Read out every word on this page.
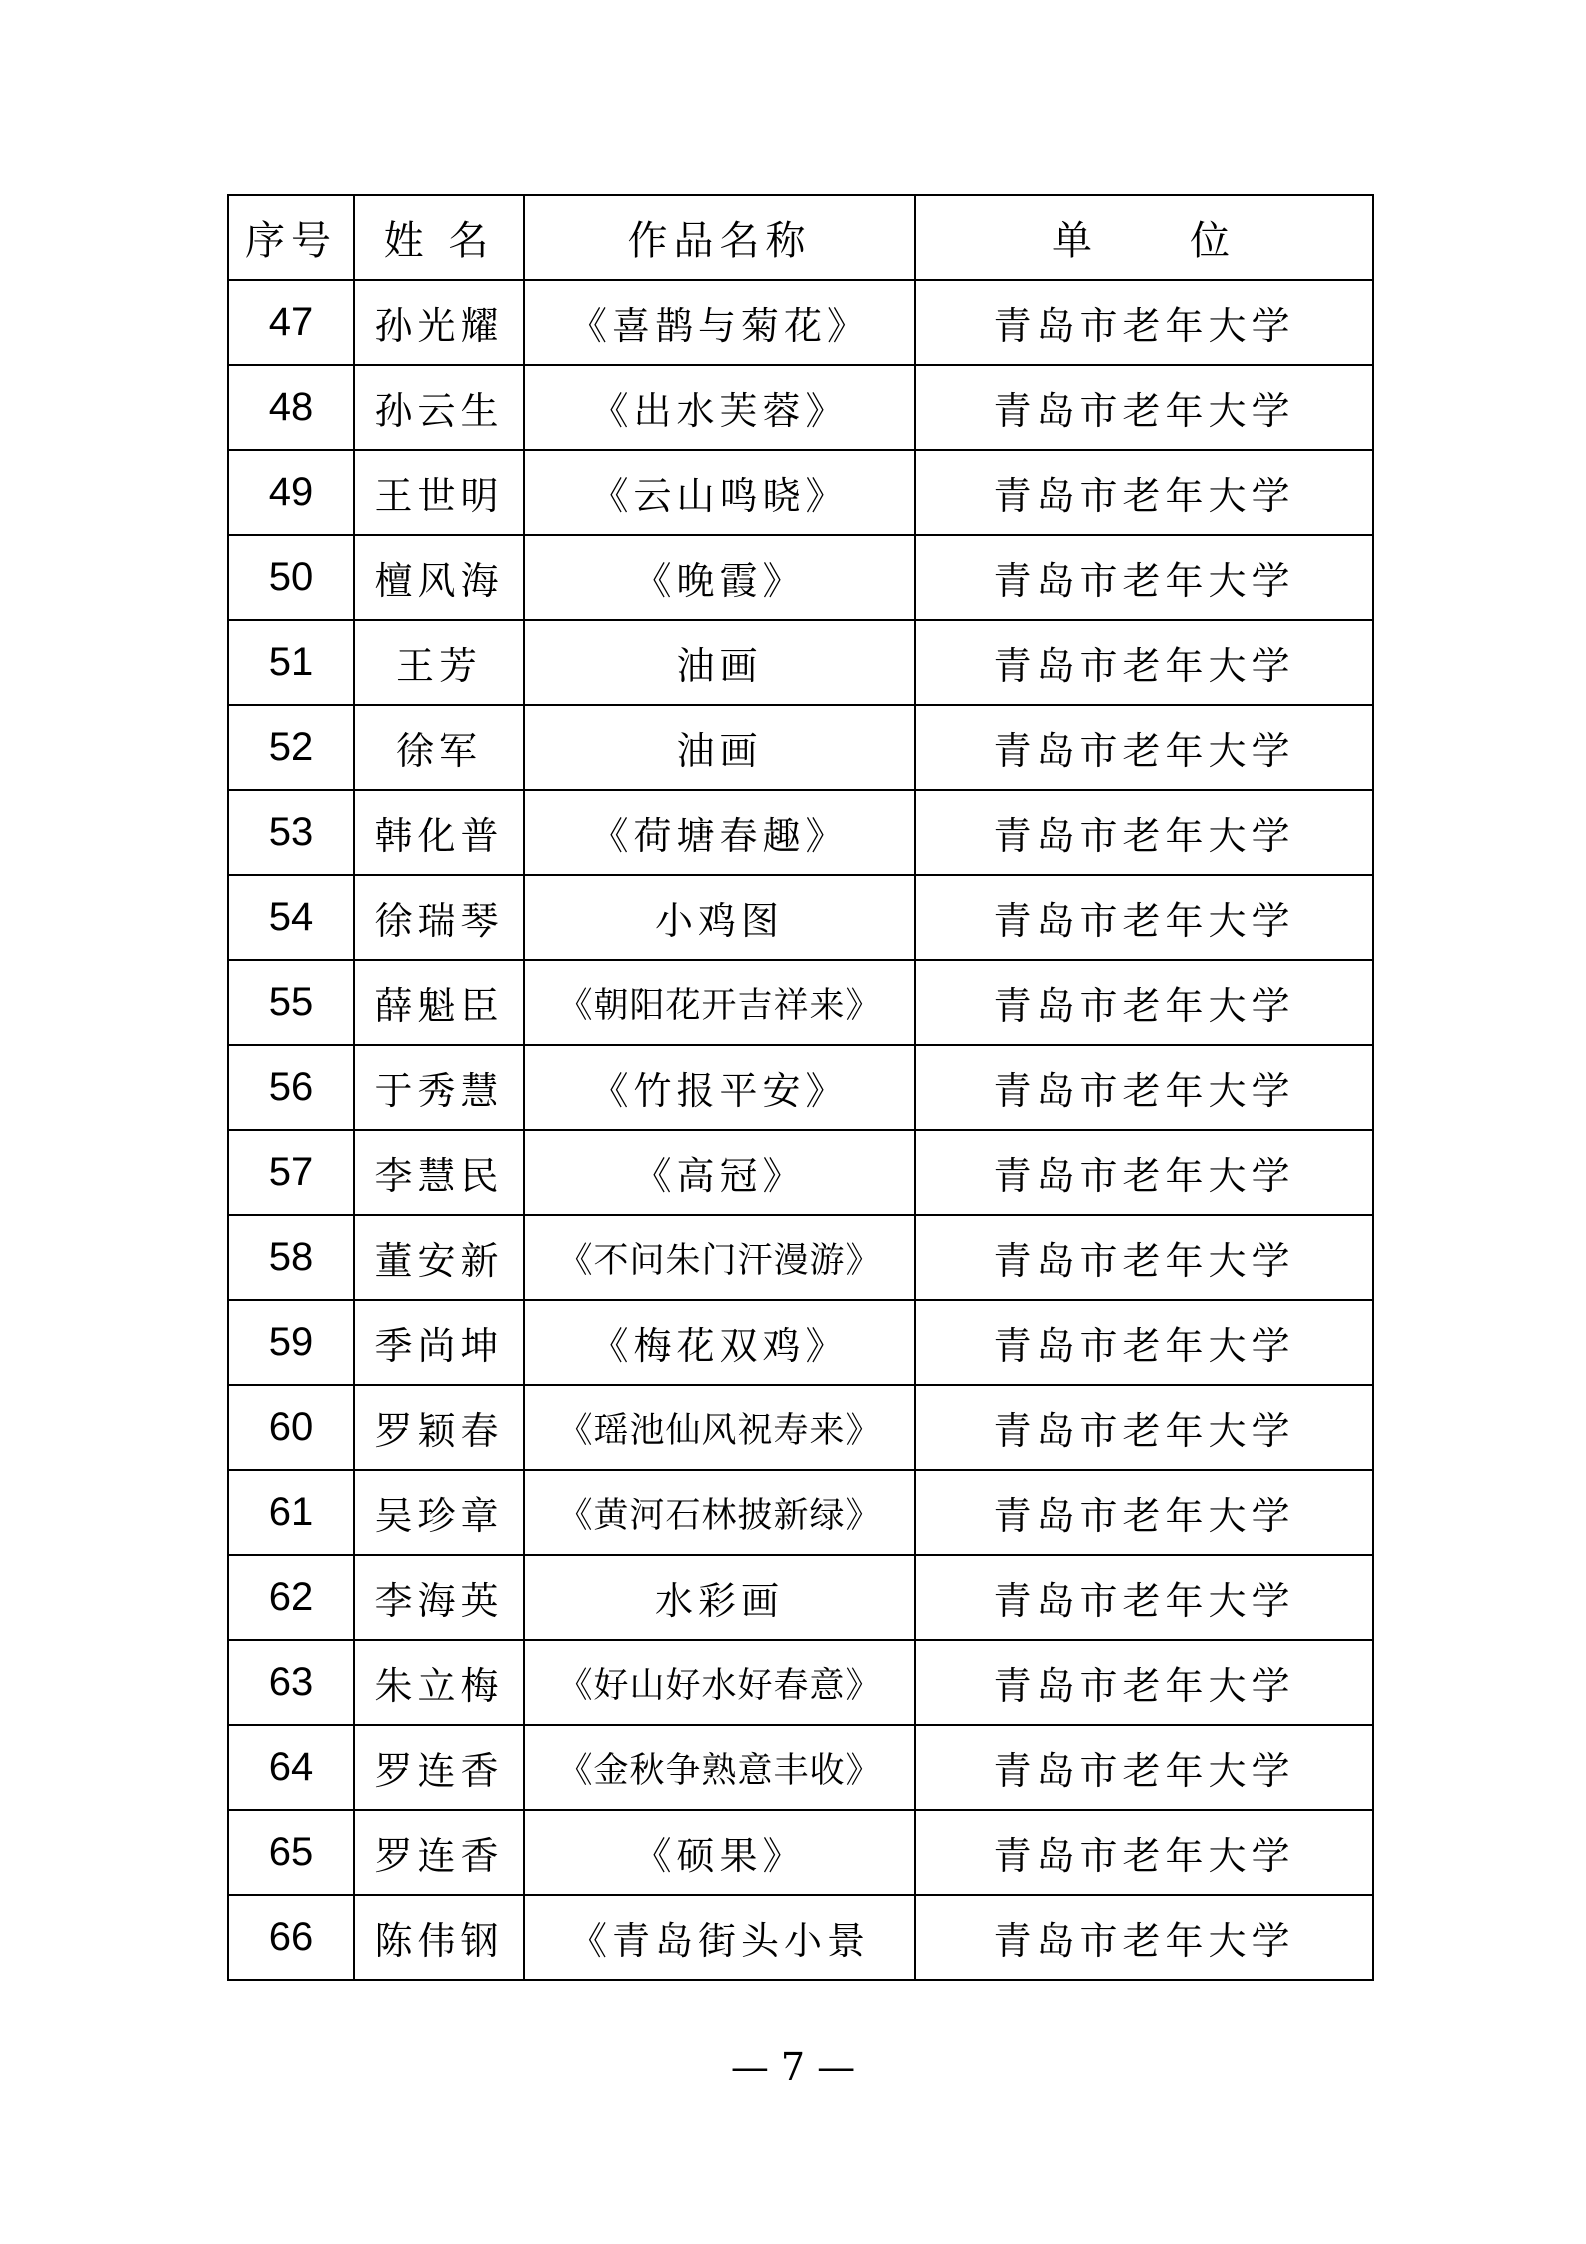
序号	姓 名	作品名称	单　　位
47	孙光耀	《喜鹊与菊花》	青岛市老年大学
48	孙云生	《出水芙蓉》	青岛市老年大学
49	王世明	《云山鸣晓》	青岛市老年大学
50	檀风海	《晚霞》	青岛市老年大学
51	王芳	油画	青岛市老年大学
52	徐军	油画	青岛市老年大学
53	韩化普	《荷塘春趣》	青岛市老年大学
54	徐瑞琴	小鸡图	青岛市老年大学
55	薛魁臣	《朝阳花开吉祥来》	青岛市老年大学
56	于秀慧	《竹报平安》	青岛市老年大学
57	李慧民	《高冠》	青岛市老年大学
58	董安新	《不问朱门汗漫游》	青岛市老年大学
59	季尚坤	《梅花双鸡》	青岛市老年大学
60	罗颖春	《瑶池仙风祝寿来》	青岛市老年大学
61	吴珍章	《黄河石林披新绿》	青岛市老年大学
62	李海英	水彩画	青岛市老年大学
63	朱立梅	《好山好水好春意》	青岛市老年大学
64	罗连香	《金秋争熟意丰收》	青岛市老年大学
65	罗连香	《硕果》	青岛市老年大学
66	陈伟钢	《青岛街头小景	青岛市老年大学
— 7 —
